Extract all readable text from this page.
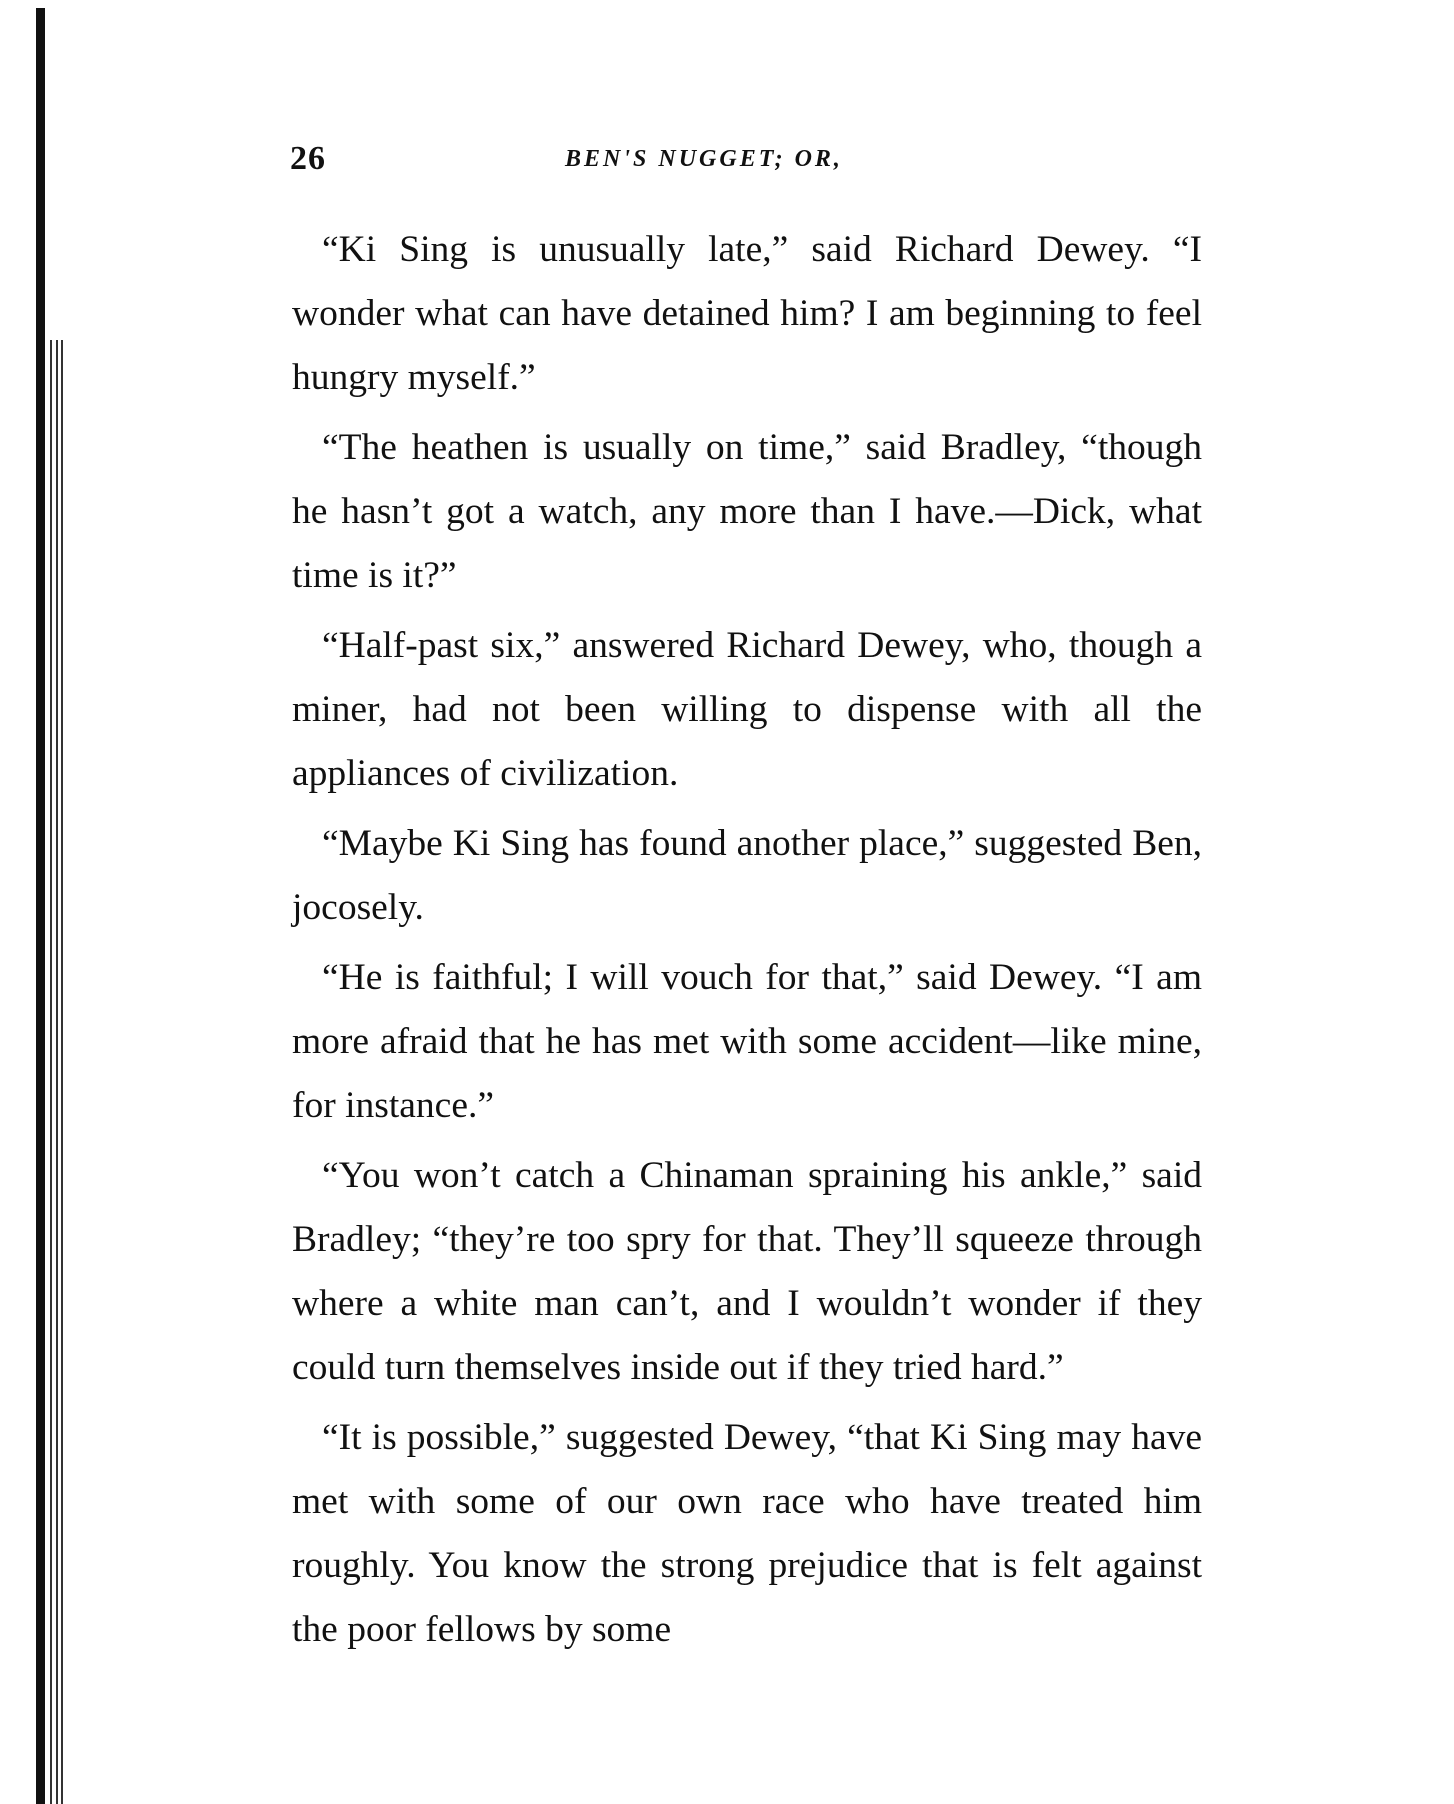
26	BEN'S NUGGET; OR,

“Ki Sing is unusually late,” said Richard Dewey. “I wonder what can have detained him? I am beginning to feel hungry myself.”

“The heathen is usually on time,” said Bradley, “though he hasn’t got a watch, any more than I have.—Dick, what time is it?”

“Half-past six,” answered Richard Dewey, who, though a miner, had not been willing to dispense with all the appliances of civilization.

“Maybe Ki Sing has found another place,” suggested Ben, jocosely.

“He is faithful; I will vouch for that,” said Dewey. “I am more afraid that he has met with some accident—like mine, for instance.”

“You won’t catch a Chinaman spraining his ankle,” said Bradley; “they’re too spry for that. They’ll squeeze through where a white man can’t, and I wouldn’t wonder if they could turn themselves inside out if they tried hard.”

“It is possible,” suggested Dewey, “that Ki Sing may have met with some of our own race who have treated him roughly. You know the strong prejudice that is felt against the poor fellows by some
